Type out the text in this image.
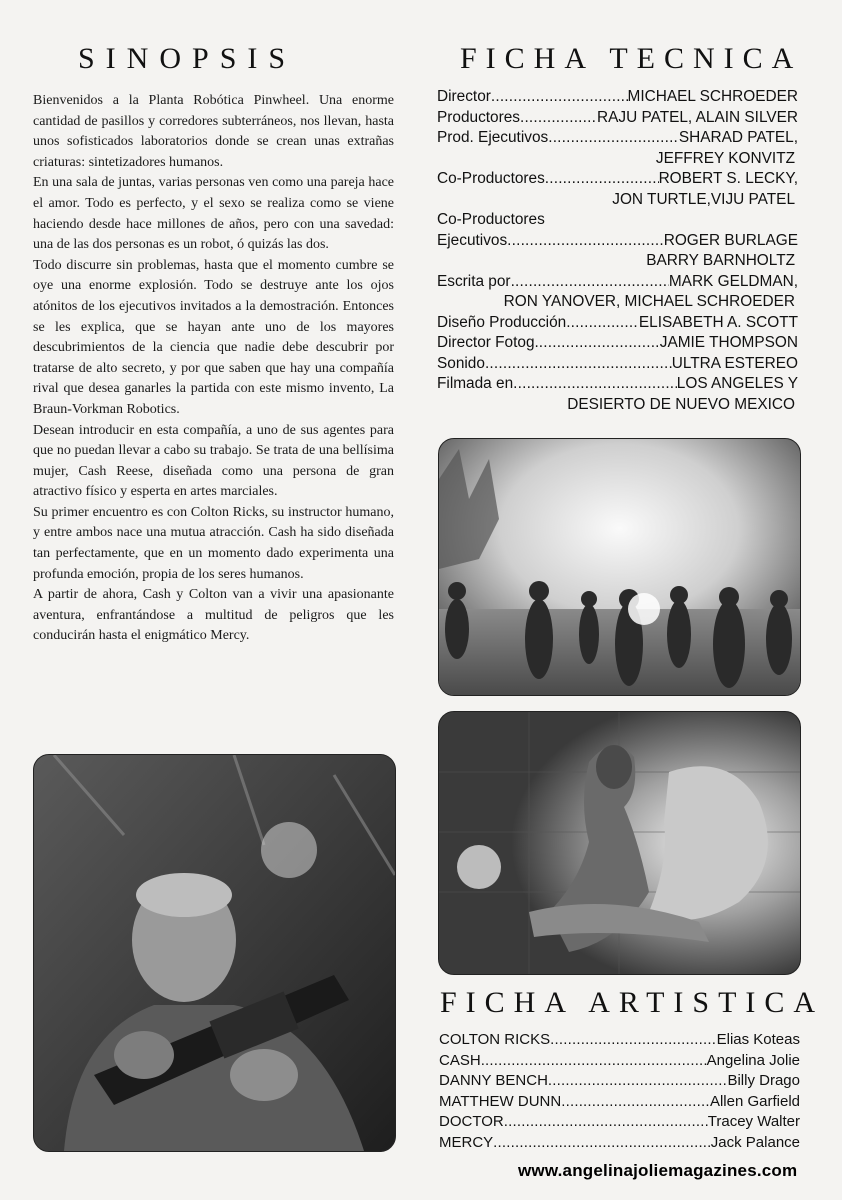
SINOPSIS	FICHA TECNICA
FICHA ARTISTICA

Bienvenidos a la Planta Robótica Pinwheel. Una enorme cantidad de pasillos y corredores subterráneos, nos llevan, hasta unos sofisticados laboratorios donde se crean unas extrañas criaturas: sintetizadores humanos.

En una sala de juntas, varias personas ven como una pareja hace el amor. Todo es perfecto, y el sexo se realiza como se viene haciendo desde hace millones de años, pero con una savedad: una de las dos personas es un robot, ó quizás las dos.

Todo discurre sin problemas, hasta que el momento cumbre se oye una enorme explosión. Todo se destruye ante los ojos atónitos de los ejecutivos invitados a la demostración. Entonces se les explica, que se hayan ante uno de los mayores descubrimientos de la ciencia que nadie debe descubrir por tratarse de alto secreto, y por que saben que hay una compañía rival que desea ganarles la partida con este mismo invento, La Braun-Vorkman Robotics.

Desean introducir en esta compañía, a uno de sus agentes para que no puedan llevar a cabo su trabajo. Se trata de una bellísima mujer, Cash Reese, diseñada como una persona de gran atractivo físico y esperta en artes marciales.

Su primer encuentro es con Colton Ricks, su instructor humano, y entre ambos nace una mutua atracción. Cash ha sido diseñada tan perfectamente, que en un momento dado experimenta una profunda emoción, propia de los seres humanos.

A partir de ahora, Cash y Colton van a vivir una apasionante aventura, enfrantándose a multitud de peligros que les conducirán hasta el enigmático Mercy.

Director .....	MICHAEL SCHROEDER
Productores .....	RAJU PATEL, ALAIN SILVER
Prod. Ejecutivos .....	SHARAD PATEL,
JEFFREY KONVITZ
Co-Productores .....	ROBERT S. LECKY,
JON TURTLE,VIJU PATEL
Co-Productores
Ejecutivos .....	ROGER BURLAGE
BARRY BARNHOLTZ
Escrita por .....	MARK GELDMAN,
RON YANOVER, MICHAEL SCHROEDER
Diseño Producción .....	ELISABETH A. SCOTT
Director Fotog. .....	JAMIE THOMPSON
Sonido .....	ULTRA ESTEREO
Filmada en .....	LOS ANGELES Y
DESIERTO DE NUEVO MEXICO
COLTON RICKS .....	Elias Koteas
CASH .....	Angelina Jolie
DANNY BENCH .....	Billy Drago
MATTHEW DUNN .....	Allen Garfield
DOCTOR .....	Tracey Walter
MERCY .....	Jack Palance
www.angelinajoliemagazines.com
